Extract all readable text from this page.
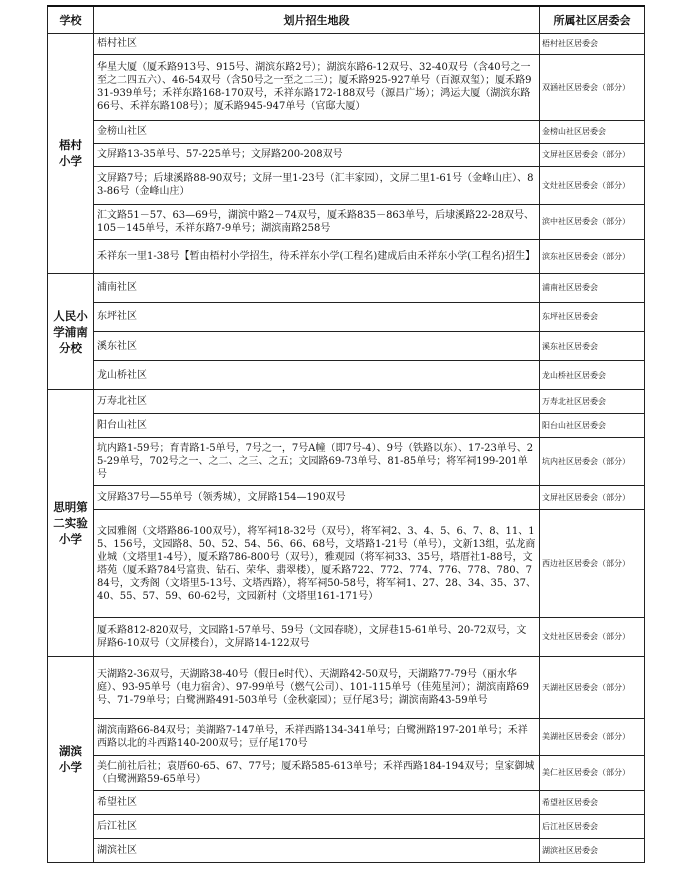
学校	划片招生地段	所属社区居委会
梧村
小学	梧村社区	梧村社区居委会
	华星大厦（厦禾路913号、915号、湖滨东路2号）；湖滨东路6-12双号、32-40双号（含40号之一至之二四五六）、46-54双号（含50号之一至之二三）；厦禾路925-927单号（百源双玺）；厦禾路931-939单号；禾祥东路168-170双号，禾祥东路172-188双号（源昌广场）；鸿运大厦（湖滨东路66号、禾祥东路108号）；厦禾路945-947单号（官邸大厦）	双涵社区居委会（部分）
	金榜山社区	金榜山社区居委会
	文屏路13-35单号、57-225单号；文屏路200-208双号	文屏社区居委会（部分）
	文屏路7号；后埭溪路88-90双号；文屏一里1-23号（汇丰家园），文屏二里1-61号（金峰山庄）、83-86号（金峰山庄）	文灶社区居委会（部分）
	汇文路51－57、63—69号，湖滨中路2－74双号，厦禾路835－863单号，后埭溪路22-28双号、105－145单号，禾祥东路7-9单号；湖滨南路258号	滨中社区居委会（部分）
	禾祥东一里1-38号【暂由梧村小学招生，待禾祥东小学(工程名)建成后由禾祥东小学(工程名)招生】	滨东社区居委会（部分）
人民小
学浦南
分校	浦南社区	浦南社区居委会
	东坪社区	东坪社区居委会
	溪东社区	溪东社区居委会
	龙山桥社区	龙山桥社区居委会
思明第
二实验
小学	万寿北社区	万寿北社区居委会
	阳台山社区	阳台山社区居委会
	坑内路1-59号；育青路1-5单号，7号之一，7号A幢（即7号-4）、9号（铁路以东）、17-23单号、25-29单号，702号之一、之二、之三、之五；文园路69-73单号、81-85单号；将军祠199-201单号	坑内社区居委会（部分）
	文屏路37号—55单号（领秀城），文屏路154—190双号	文屏社区居委会（部分）
	文园雅阁（文塔路86-100双号），将军祠18-32号（双号），将军祠2、3、4、5、6、7、8、11、15、156号，文园路8、50、52、54、56、66、68号，文塔路1-21号（单号），文新13组，弘龙商业城（文塔里1-4号），厦禾路786-800号（双号），雅观园（将军祠33、35号，塔厝社1-88号，文塔苑（厦禾路784号富贵、钻石、荣华、翡翠楼），厦禾路722、772、774、776、778、780、784号，文秀阁（文塔里5-13号、文塔西路），将军祠50-58号，将军祠1、27、28、34、35、37、40、55、57、59、60-62号，文园新村（文塔里161-171号）	西边社区居委会（部分）
	厦禾路812-820双号，文园路1-57单号、59号（文园春晓），文屏巷15-61单号、20-72双号，文屏路6-10双号（文屏楼台），文屏路14-122双号	文灶社区居委会（部分）
湖滨
小学	天湖路2-36双号，天湖路38-40号（假日e时代）、天湖路42-50双号，天湖路77-79号（丽水华庭）、93-95单号（电力宿舍）、97-99单号（燃气公司）、101-115单号（佳苑星河）；湖滨南路69号、71-79单号；白鹭洲路491-503单号（金秋豪园）；豆仔尾3号；湖滨南路43-59单号	天湖社区居委会（部分）
	湖滨南路66-84双号；美湖路7-147单号，禾祥西路134-341单号；白鹭洲路197-201单号；禾祥西路以北的斗西路140-200双号；豆仔尾170号	美湖社区居委会（部分）
	美仁前社后社；袁厝60-65、67、77号；厦禾路585-613单号；禾祥西路184-194双号；皇家御城（白鹭洲路59-65单号）	美仁社区居委会（部分）
	希望社区	希望社区居委会
	后江社区	后江社区居委会
	湖滨社区	湖滨社区居委会
